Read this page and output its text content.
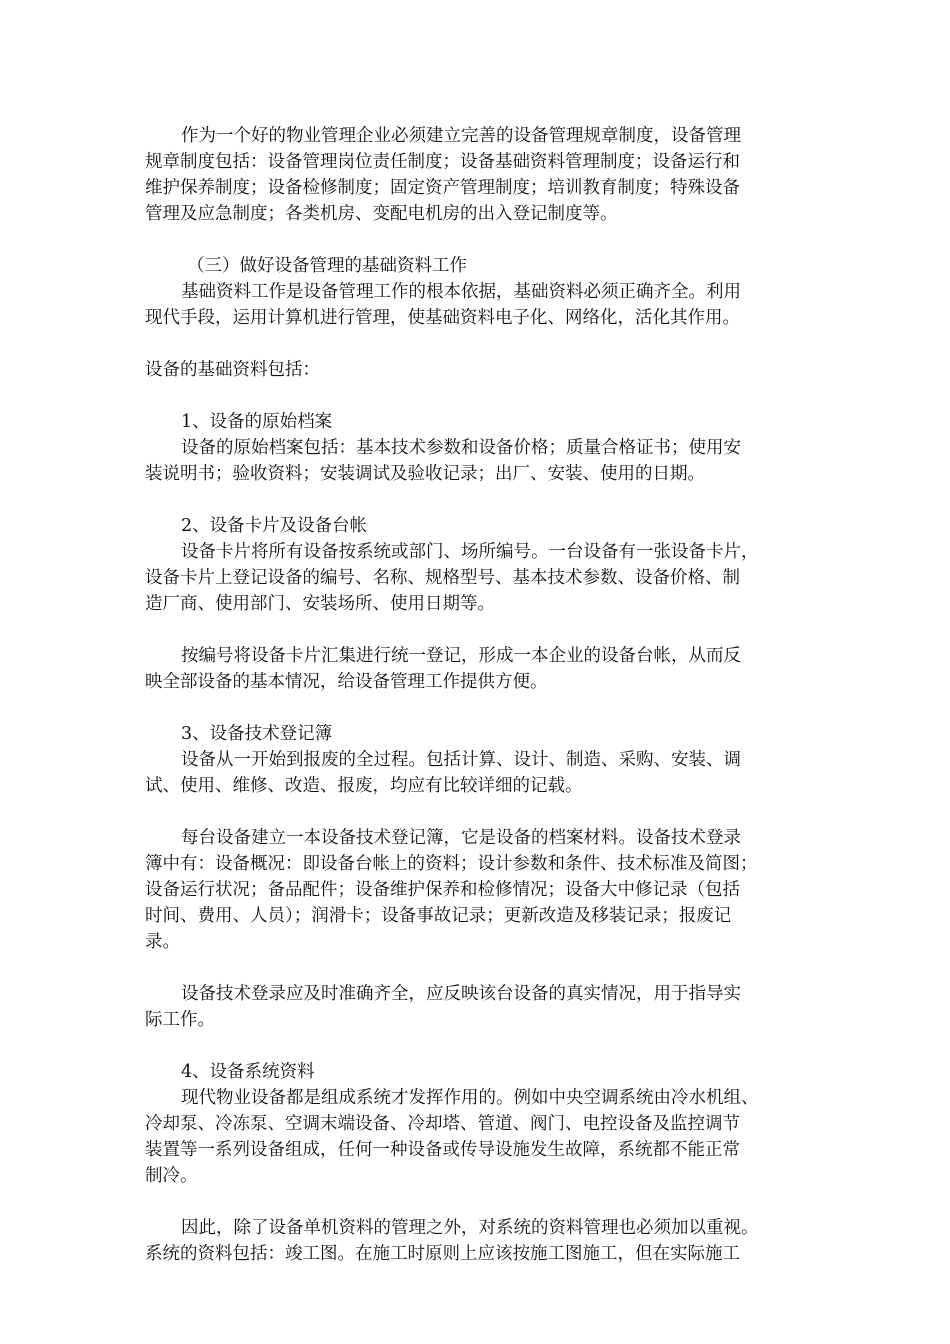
作为一个好的物业管理企业必须建立完善的设备管理规章制度，设备管理
规章制度包括：设备管理岗位责任制度；设备基础资料管理制度；设备运行和
维护保养制度；设备检修制度；固定资产管理制度；培训教育制度；特殊设备
管理及应急制度；各类机房、变配电机房的出入登记制度等。
（三）做好设备管理的基础资料工作
基础资料工作是设备管理工作的根本依据，基础资料必须正确齐全。利用
现代手段，运用计算机进行管理，使基础资料电子化、网络化，活化其作用。
设备的基础资料包括：
1、设备的原始档案
设备的原始档案包括：基本技术参数和设备价格；质量合格证书；使用安
装说明书；验收资料；安装调试及验收记录；出厂、安装、使用的日期。
2、设备卡片及设备台帐
设备卡片将所有设备按系统或部门、场所编号。一台设备有一张设备卡片，
设备卡片上登记设备的编号、名称、规格型号、基本技术参数、设备价格、制
造厂商、使用部门、安装场所、使用日期等。
按编号将设备卡片汇集进行统一登记，形成一本企业的设备台帐，从而反
映全部设备的基本情况，给设备管理工作提供方便。
3、设备技术登记簿
设备从一开始到报废的全过程。包括计算、设计、制造、采购、安装、调
试、使用、维修、改造、报废，均应有比较详细的记载。
每台设备建立一本设备技术登记簿，它是设备的档案材料。设备技术登录
簿中有：设备概况：即设备台帐上的资料；设计参数和条件、技术标准及简图；
设备运行状况；备品配件；设备维护保养和检修情况；设备大中修记录（包括
时间、费用、人员）；润滑卡；设备事故记录；更新改造及移装记录；报废记
录。
设备技术登录应及时准确齐全，应反映该台设备的真实情况，用于指导实
际工作。
4、设备系统资料
现代物业设备都是组成系统才发挥作用的。例如中央空调系统由冷水机组、
冷却泵、冷冻泵、空调末端设备、冷却塔、管道、阀门、电控设备及监控调节
装置等一系列设备组成，任何一种设备或传导设施发生故障，系统都不能正常
制冷。
因此，除了设备单机资料的管理之外，对系统的资料管理也必须加以重视。
系统的资料包括：竣工图。在施工时原则上应该按施工图施工，但在实际施工
